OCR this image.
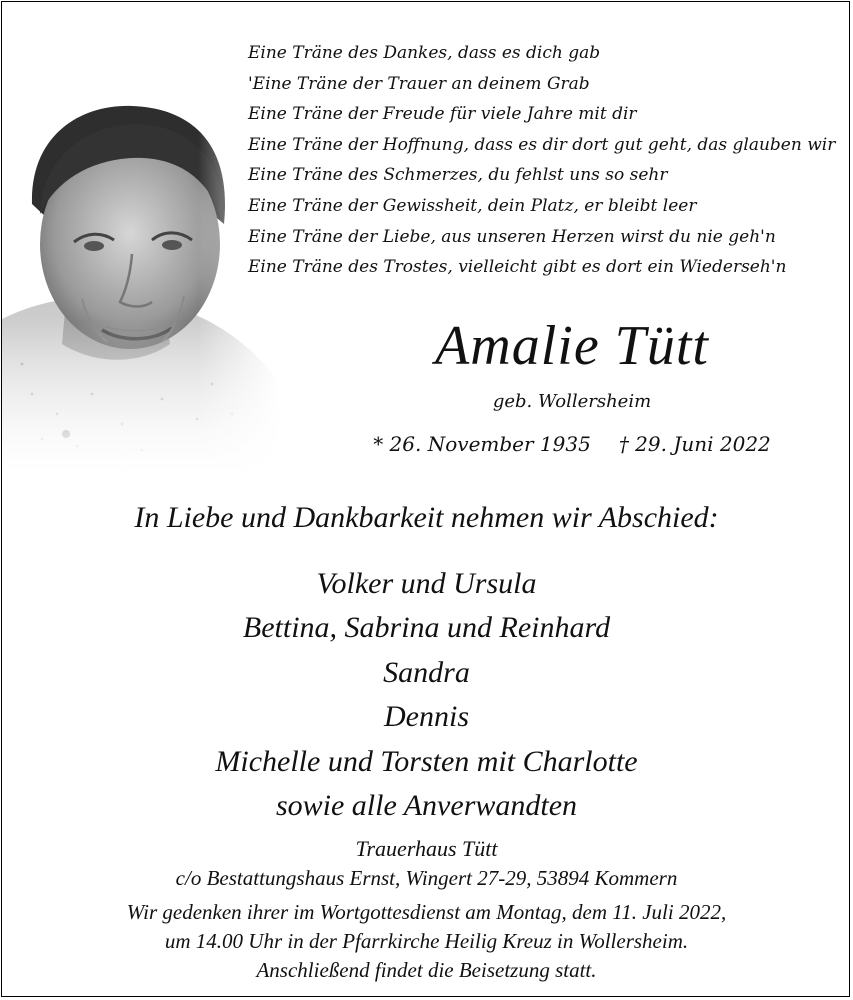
Eine Träne des Dankes, dass es dich gab
'Eine Träne der Trauer an deinem Grab
Eine Träne der Freude für viele Jahre mit dir
Eine Träne der Hoffnung, dass es dir dort gut geht, das glauben wir
Eine Träne des Schmerzes, du fehlst uns so sehr
Eine Träne der Gewissheit, dein Platz, er bleibt leer
Eine Träne der Liebe, aus unseren Herzen wirst du nie geh'n
Eine Träne des Trostes, vielleicht gibt es dort ein Wiederseh'n
Amalie Tütt
geb. Wollersheim
* 26. November 1935 † 29. Juni 2022
In Liebe und Dankbarkeit nehmen wir Abschied:
Volker und Ursula
Bettina, Sabrina und Reinhard
Sandra
Dennis
Michelle und Torsten mit Charlotte
sowie alle Anverwandten
Trauerhaus Tütt
c/o Bestattungshaus Ernst, Wingert 27-29, 53894 Kommern
Wir gedenken ihrer im Wortgottesdienst am Montag, dem 11. Juli 2022,
um 14.00 Uhr in der Pfarrkirche Heilig Kreuz in Wollersheim.
Anschließend findet die Beisetzung statt.
